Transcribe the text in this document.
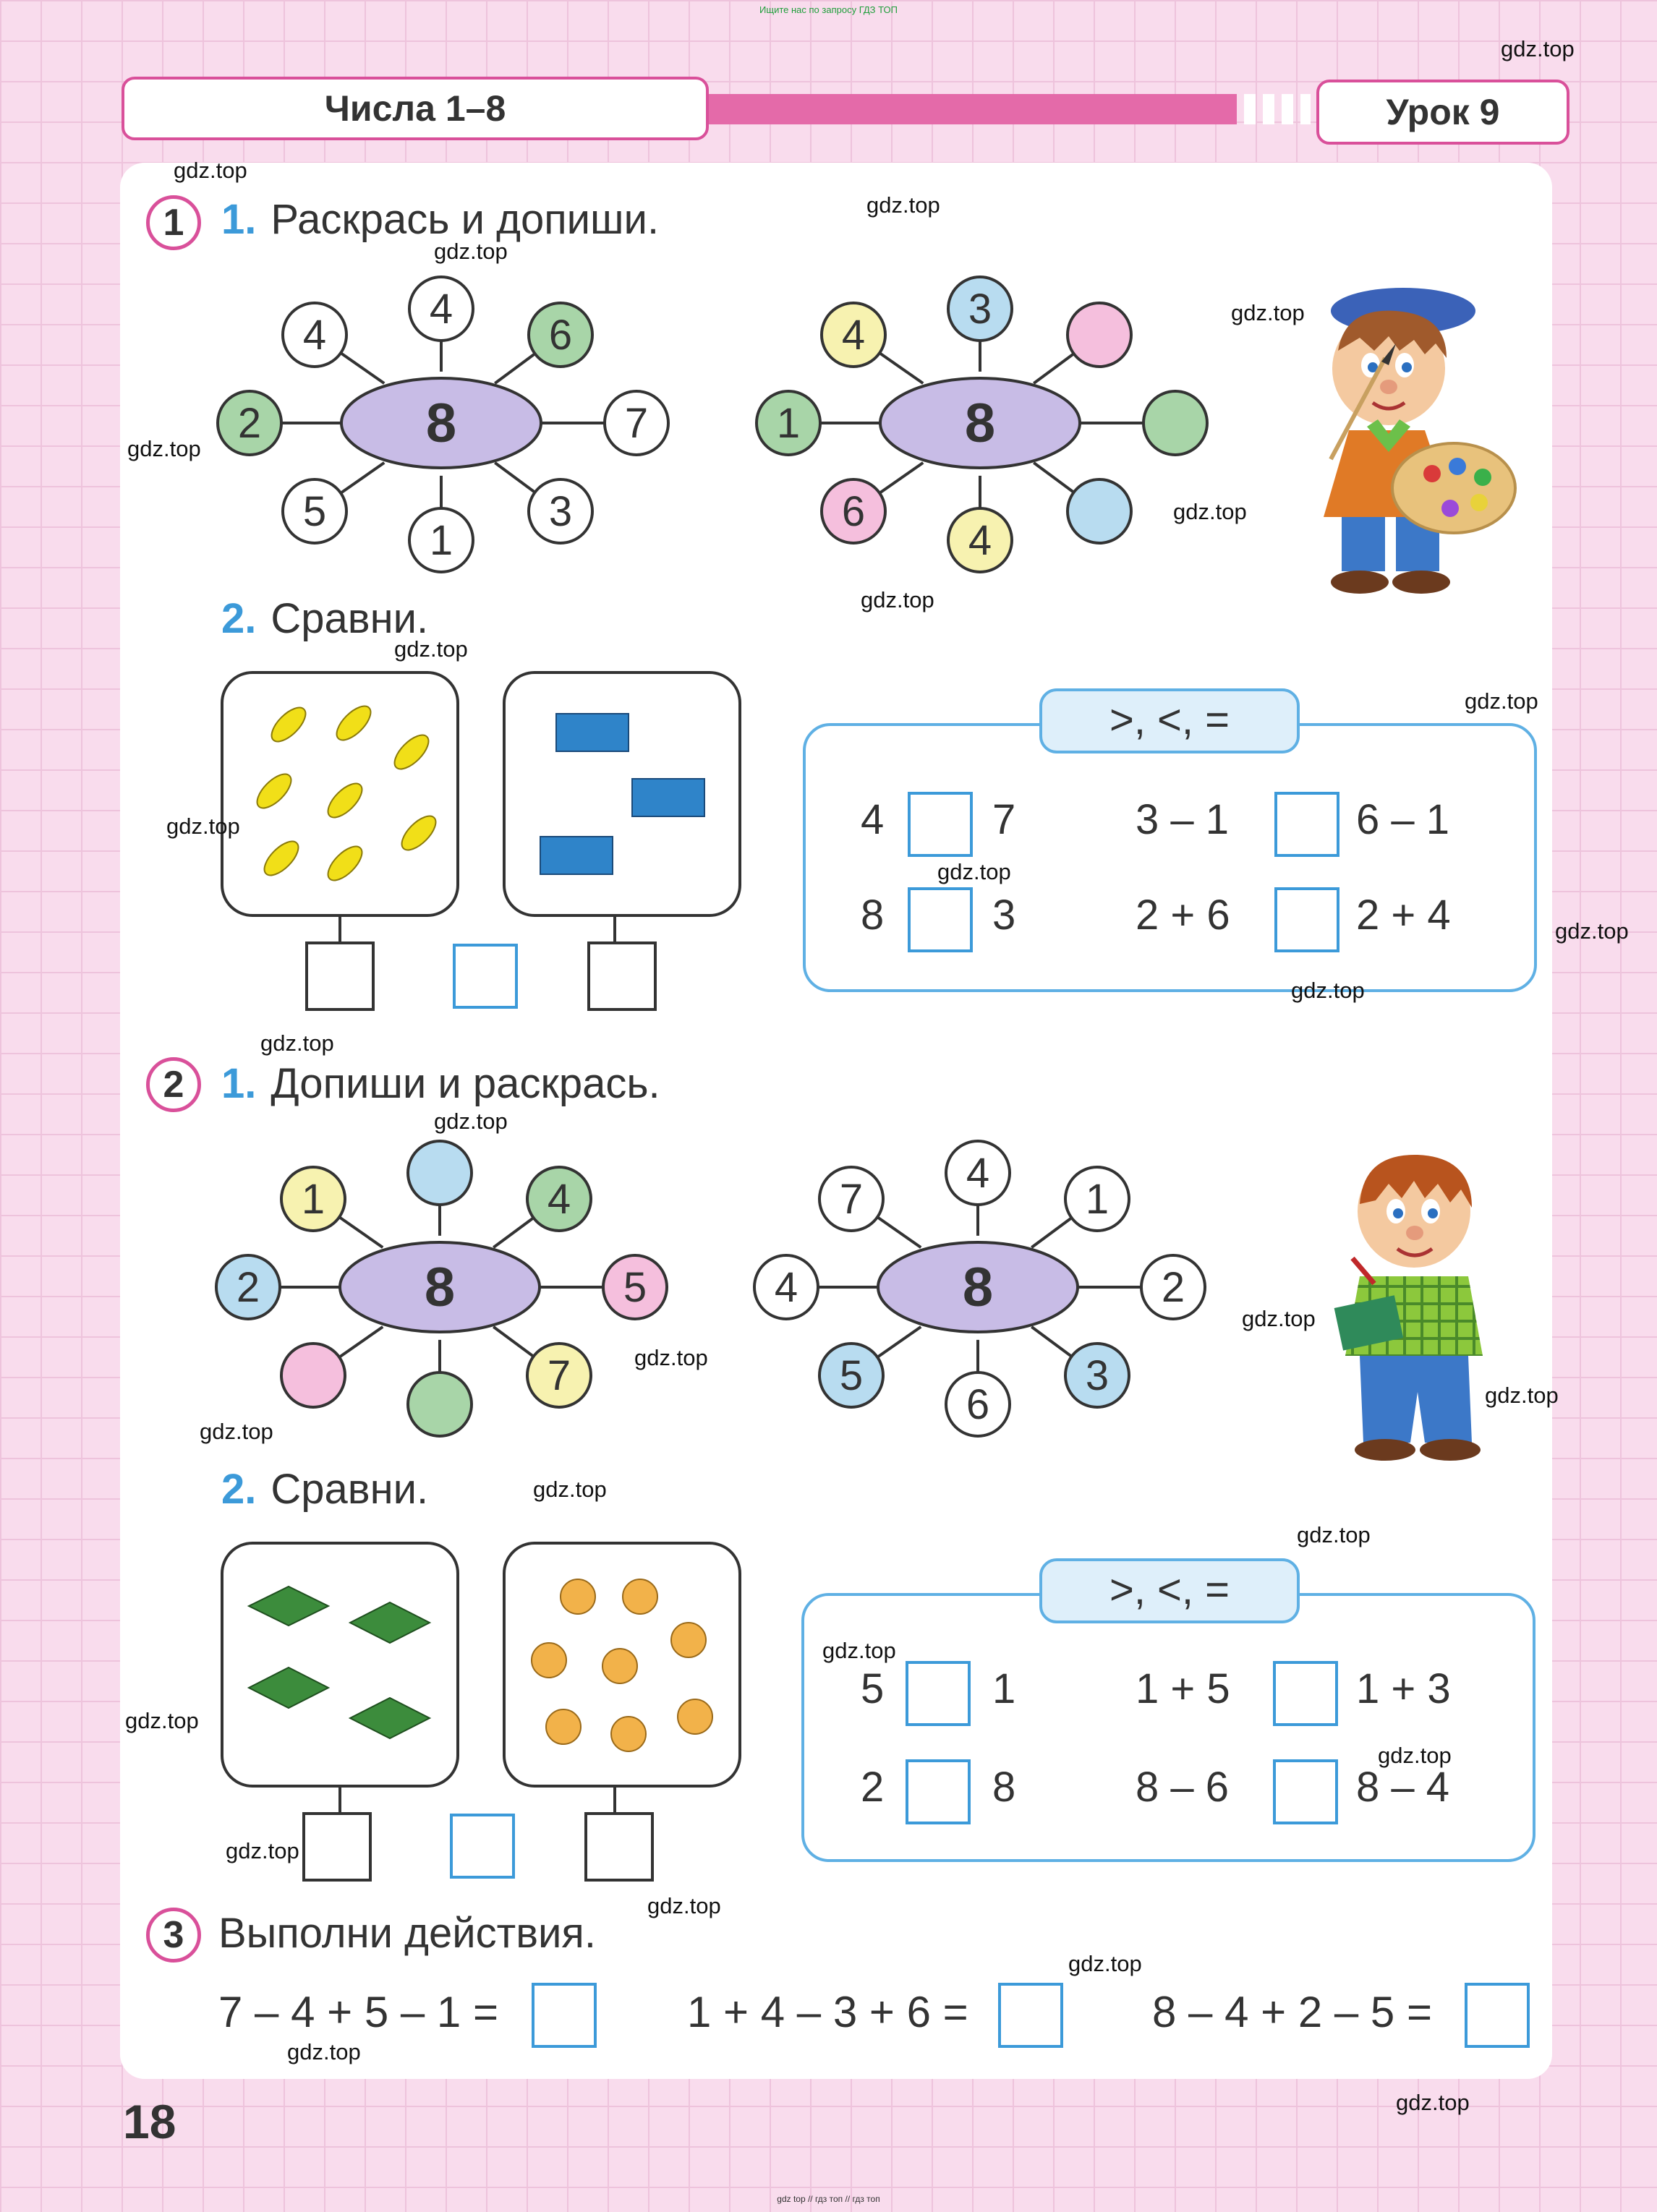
Ищите нас по запросу ГДЗ ТОП
Числа 1–8	Урок 9
1 1. Раскрась и допиши.
8
4
4
6
7
3
1
5
2	8
4
3
4
6
1
2. Сравни.
>, <, =
4	7	3 – 1	6 – 1
8	3	2 + 6	2 + 4
2 1. Допиши и раскрась.
8
1	4
5
7
2	8
7
4
1
2
3
6
5
4
2. Сравни.
>, <, =
5	1	1 + 5	1 + 3
2	8	8 – 6	8 – 4
3 Выполни действия.
7 – 4 + 5 – 1 =	1 + 4 – 3 + 6 =	8 – 4 + 2 – 5 =
18
gdz.top
gdz.top
gdz.top
gdz.top
gdz.top
gdz.top
gdz.top
gdz.top
gdz.top
gdz.top
gdz.top
gdz.top
gdz.top
gdz.top
gdz.top
gdz.top
gdz.top
gdz.top
gdz.top
gdz.top
gdz.top
gdz.top
gdz.top
gdz.top
gdz.top
gdz.top
gdz.top
gdz.top
gdz.top
gdz.top
gdz top // гдз топ // гдз топ
